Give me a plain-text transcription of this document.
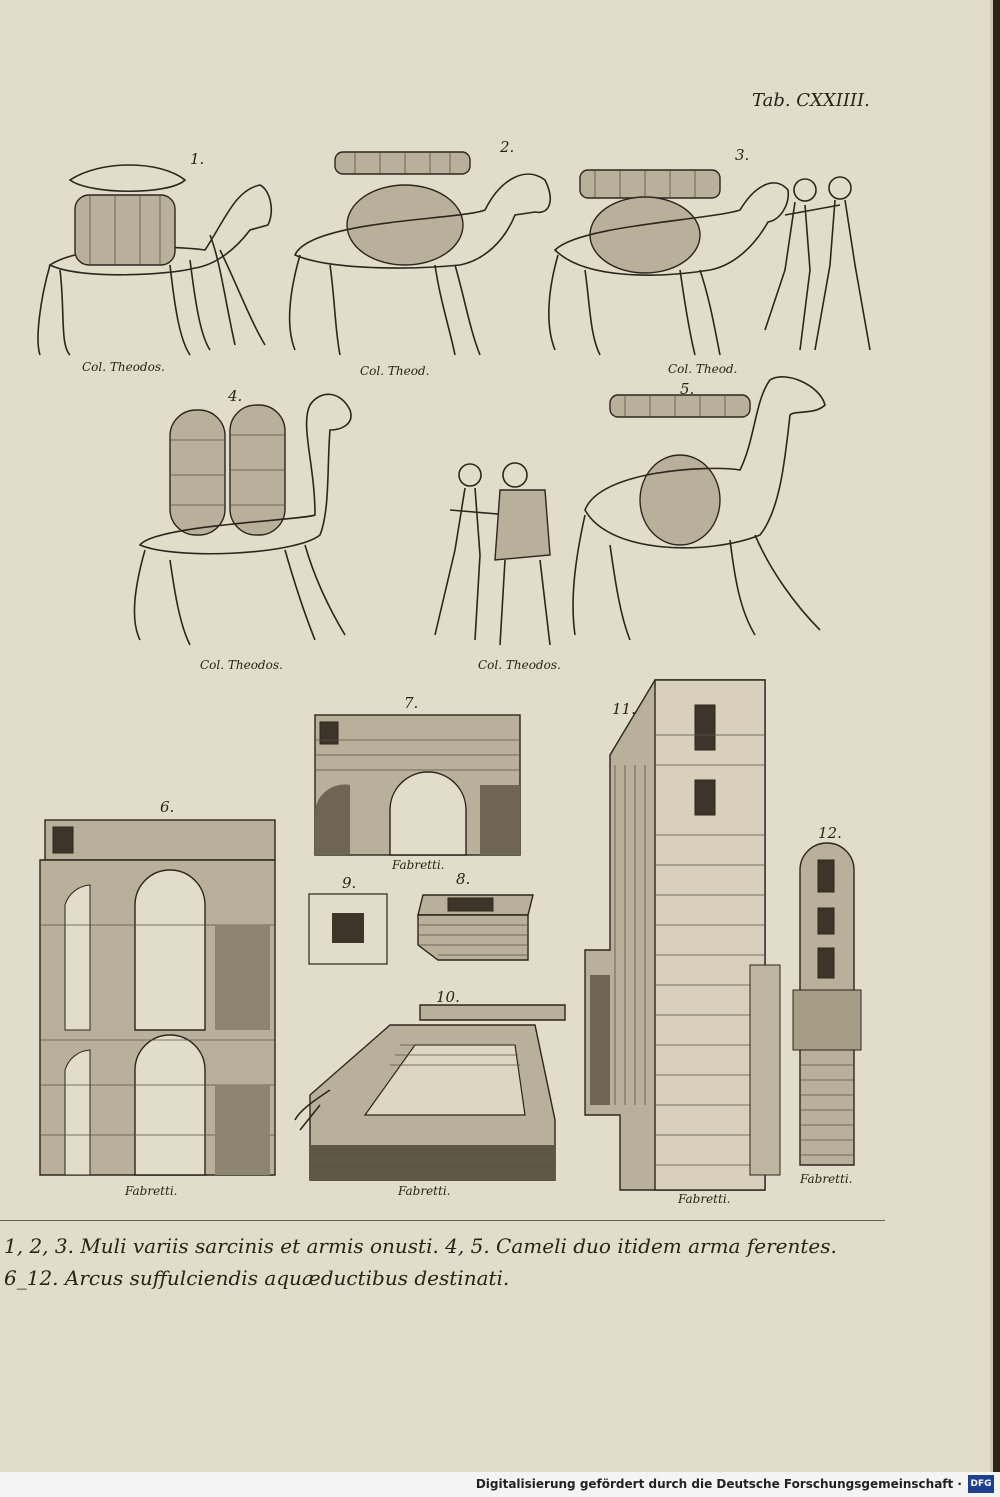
Tab. CXXIIII.
1.
Col. Theodos.
2.
Col. Theod.
3.
Col. Theod.
4.
Col. Theodos.
5.
Col. Theodos.
6.
Fabretti.
7.
Fabretti.
9.	8.
10.
Fabretti.
11.
Fabretti.
12.
Fabretti.
1, 2, 3. Muli variis sarcinis et armis onusti. 4, 5. Cameli duo itidem arma ferentes.
6_12. Arcus suffulciendis aquæductibus destinati.
Digitalisierung gefördert durch die Deutsche Forschungsgemeinschaft · DFG
